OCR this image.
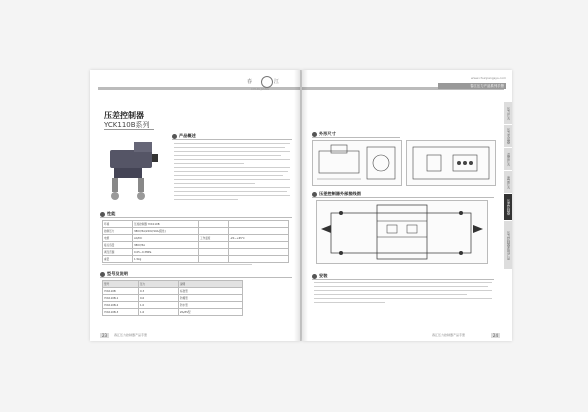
春	江
CHUN JIANG
压差控制器
YCK110B系列
产品概述
性能
环境	压差控制器 YCK110B		
控制压力	380V/5A/220V/10A(阻性)		
电源	AC/DC	工作温度	-20~+65℃
接点容量	380V/5A		
调压范围	0.05~0.3MPa		
重量	1.5kg		
型号及说明
型号	压力	说明
YCK110B	0.3	标准型
YCK110B-1	0.6	防爆型
YCK110B-2	1.0	防水型
YCK110B-3	1.6	ZA/ZS型
23	春江压力控制器产品手册
www.chunjiangsys.com
春江压力产品系列手册
外形尺寸
压差控制器外部接线图
安装
压力开关
压力变送器
温度开关
流量开关
压差控制器
压力控制器系列产品
春江压力控制器产品手册	24
